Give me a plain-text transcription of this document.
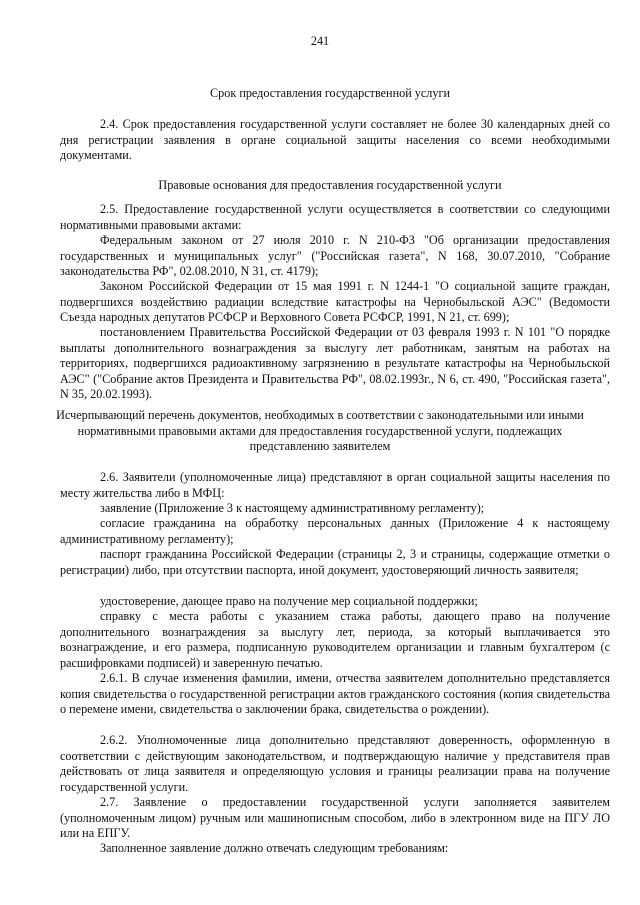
241
Срок предоставления государственной услуги
2.4. Срок предоставления государственной услуги составляет не более 30 календарных дней со дня регистрации заявления в органе социальной защиты населения со всеми необходимыми документами.
Правовые основания для предоставления государственной услуги
2.5. Предоставление государственной услуги осуществляется в соответствии со следующими нормативными правовыми актами:
Федеральным законом от 27 июля 2010 г. N 210-ФЗ "Об организации предоставления государственных и муниципальных услуг" ("Российская газета", N 168, 30.07.2010, "Собрание законодательства РФ", 02.08.2010, N 31, ст. 4179);
Законом Российской Федерации от 15 мая 1991 г. N 1244-1 "О социальной защите граждан, подвергшихся воздействию радиации вследствие катастрофы на Чернобыльской АЭС" (Ведомости Съезда народных депутатов РСФСР и Верховного Совета РСФСР, 1991, N 21, ст. 699);
постановлением Правительства Российской Федерации от 03 февраля 1993 г. N 101 "О порядке выплаты дополнительного вознаграждения за выслугу лет работникам, занятым на работах на территориях, подвергшихся радиоактивному загрязнению в результате катастрофы на Чернобыльской АЭС" ("Собрание актов Президента и Правительства РФ", 08.02.1993г., N 6, ст. 490, "Российская газета", N 35, 20.02.1993).
Исчерпывающий перечень документов, необходимых в соответствии с законодательными или иными нормативными правовыми актами для предоставления государственной услуги, подлежащих представлению заявителем
2.6. Заявители (уполномоченные лица) представляют в орган социальной защиты населения по месту жительства либо в МФЦ:
заявление (Приложение 3 к настоящему административному регламенту);
согласие гражданина на обработку персональных данных (Приложение 4 к настоящему административному регламенту);
паспорт гражданина Российской Федерации (страницы 2, 3 и страницы, содержащие отметки о регистрации) либо, при отсутствии паспорта, иной документ, удостоверяющий личность заявителя;
удостоверение, дающее право на получение мер социальной поддержки;
справку с места работы с указанием стажа работы, дающего право на получение дополнительного вознаграждения за выслугу лет, периода, за который выплачивается это вознаграждение, и его размера, подписанную руководителем организации и главным бухгалтером (с расшифровками подписей) и заверенную печатью.
2.6.1. В случае изменения фамилии, имени, отчества заявителем дополнительно представляется копия свидетельства о государственной регистрации актов гражданского состояния (копия свидетельства о перемене имени, свидетельства о заключении брака, свидетельства о рождении).
2.6.2. Уполномоченные лица дополнительно представляют доверенность, оформленную в соответствии с действующим законодательством, и подтверждающую наличие у представителя прав действовать от лица заявителя и определяющую условия и границы реализации права на получение государственной услуги.
2.7. Заявление о предоставлении государственной услуги заполняется заявителем (уполномоченным лицом) ручным или машинописным способом, либо в электронном виде на ПГУ ЛО или на ЕПГУ.
Заполненное заявление должно отвечать следующим требованиям:
